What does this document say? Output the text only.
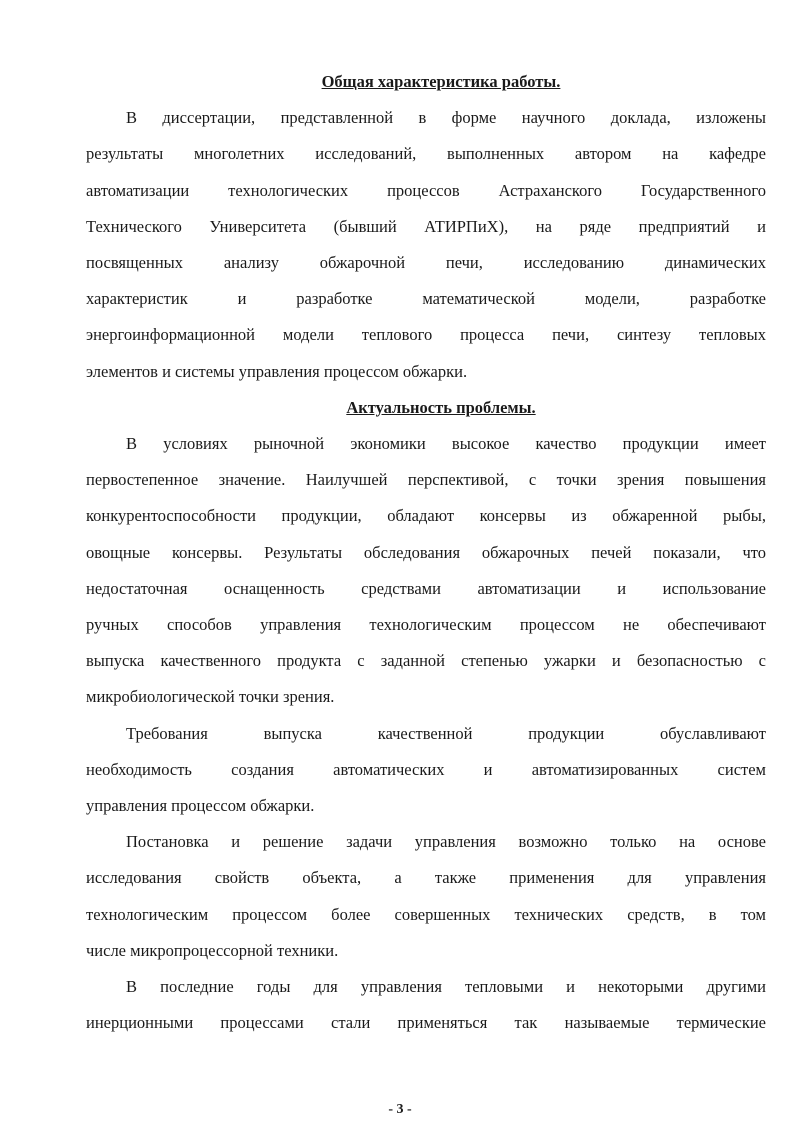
Общая характеристика работы.

В диссертации, представленной в форме научного доклада, изложены
результаты многолетних исследований, выполненных автором на кафедре
автоматизации технологических процессов Астраханского Государственного
Технического Университета (бывший АТИРПиХ), на ряде предприятий и
посвященных анализу обжарочной печи, исследованию динамических
характеристик и разработке математической модели, разработке
энергоинформационной модели теплового процесса печи, синтезу тепловых
элементов и системы управления процессом обжарки.

Актуальность проблемы.

В условиях рыночной экономики высокое качество продукции имеет
первостепенное значение. Наилучшей перспективой, с точки зрения повышения
конкурентоспособности продукции, обладают консервы из обжаренной рыбы,
овощные консервы. Результаты обследования обжарочных печей показали, что
недостаточная оснащенность средствами автоматизации и использование
ручных способов управления технологическим процессом не обеспечивают
выпуска качественного продукта с заданной степенью ужарки и безопасностью с
микробиологической точки зрения.
Требования выпуска качественной продукции обуславливают
необходимость создания автоматических и автоматизированных систем
управления процессом обжарки.
Постановка и решение задачи управления возможно только на основе
исследования свойств объекта, а также применения для управления
технологическим процессом более совершенных технических средств, в том
числе микропроцессорной техники.
В последние годы для управления тепловыми и некоторыми другими
инерционными процессами стали применяться так называемые термические
- 3 -
